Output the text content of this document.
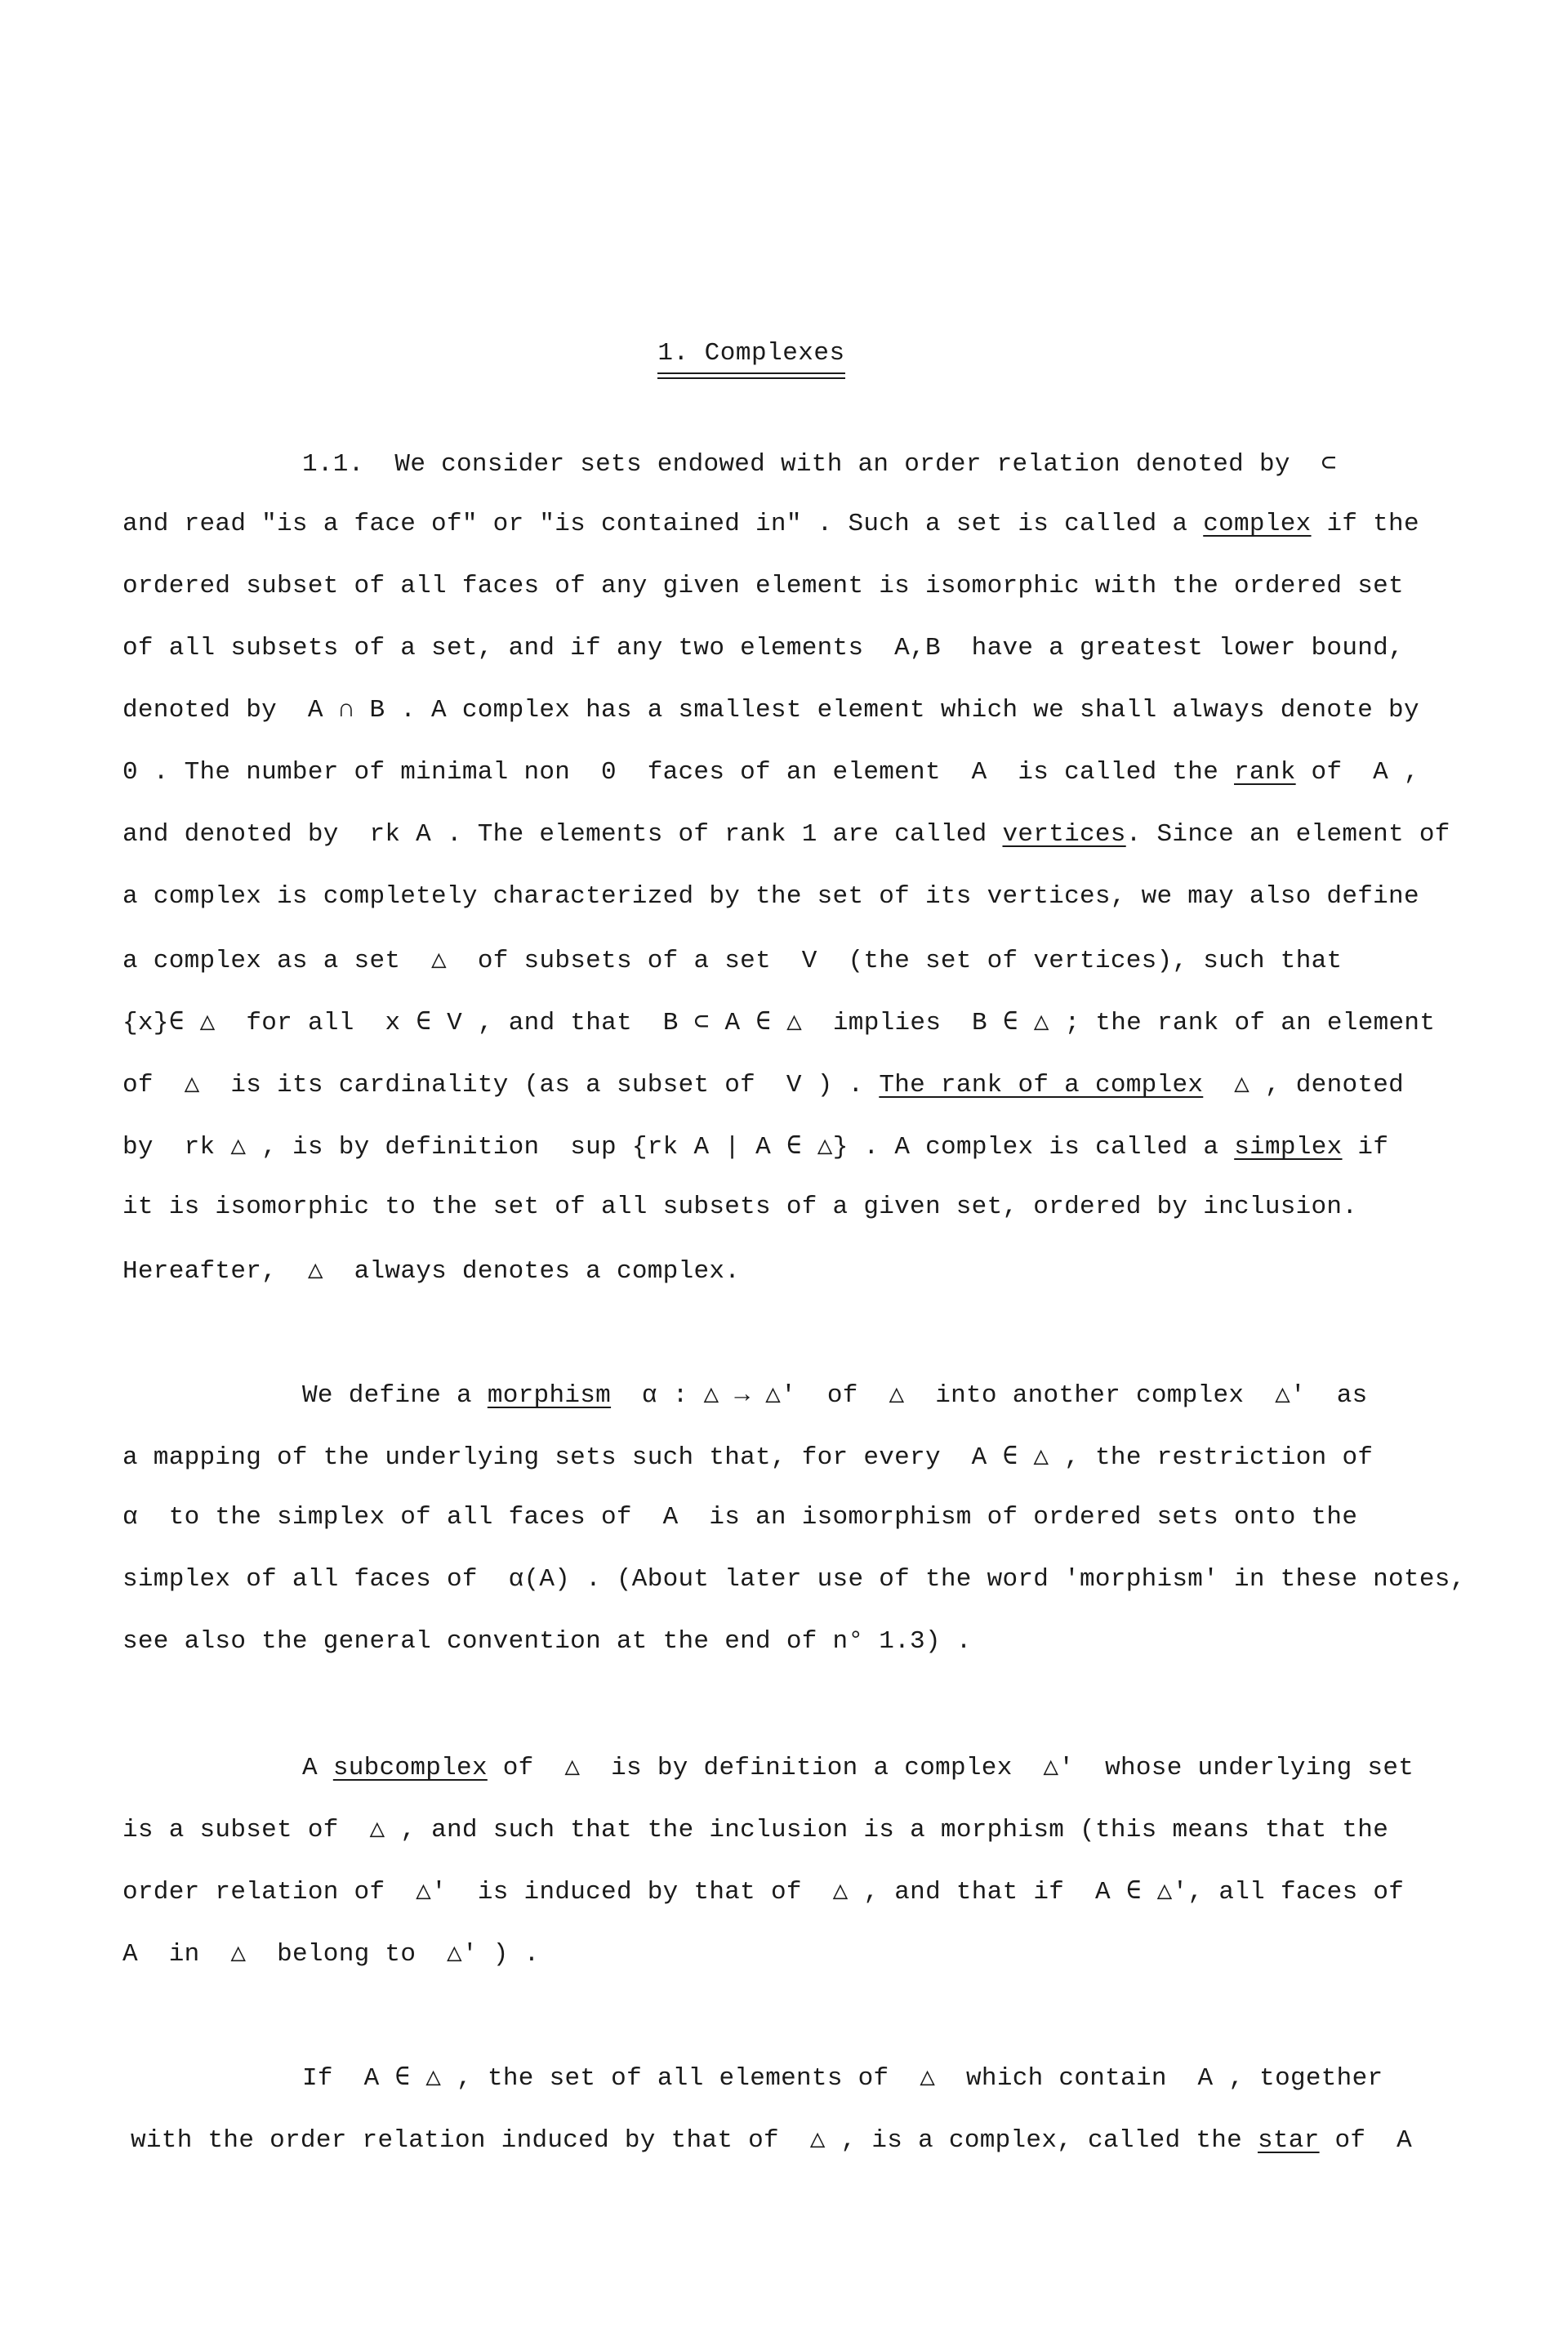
1. Complexes
1.1.  We consider sets endowed with an order relation denoted by  ⊂
and read "is a face of" or "is contained in" . Such a set is called a complex if the
ordered subset of all faces of any given element is isomorphic with the ordered set
of all subsets of a set, and if any two elements  A,B  have a greatest lower bound,
denoted by  A ∩ B . A complex has a smallest element which we shall always denote by
0 . The number of minimal non  0  faces of an element  A  is called the rank of  A ,
and denoted by  rk A . The elements of rank 1 are called vertices. Since an element of
a complex is completely characterized by the set of its vertices, we may also define
a complex as a set  △  of subsets of a set  V  (the set of vertices), such that
{x}∈ △  for all  x ∈ V , and that  B ⊂ A ∈ △  implies  B ∈ △ ; the rank of an element
of  △  is its cardinality (as a subset of  V ) . The rank of a complex  △ , denoted
by  rk △ , is by definition  sup {rk A | A ∈ △} . A complex is called a simplex if
it is isomorphic to the set of all subsets of a given set, ordered by inclusion.
Hereafter,  △  always denotes a complex.
We define a morphism  α : △ → △'  of  △  into another complex  △'  as
a mapping of the underlying sets such that, for every  A ∈ △ , the restriction of
α  to the simplex of all faces of  A  is an isomorphism of ordered sets onto the
simplex of all faces of  α(A) . (About later use of the word 'morphism' in these notes,
see also the general convention at the end of n° 1.3) .
A subcomplex of  △  is by definition a complex  △'  whose underlying set
is a subset of  △ , and such that the inclusion is a morphism (this means that the
order relation of  △'  is induced by that of  △ , and that if  A ∈ △', all faces of
A  in  △  belong to  △' ) .
If  A ∈ △ , the set of all elements of  △  which contain  A , together
with the order relation induced by that of  △ , is a complex, called the star of  A
